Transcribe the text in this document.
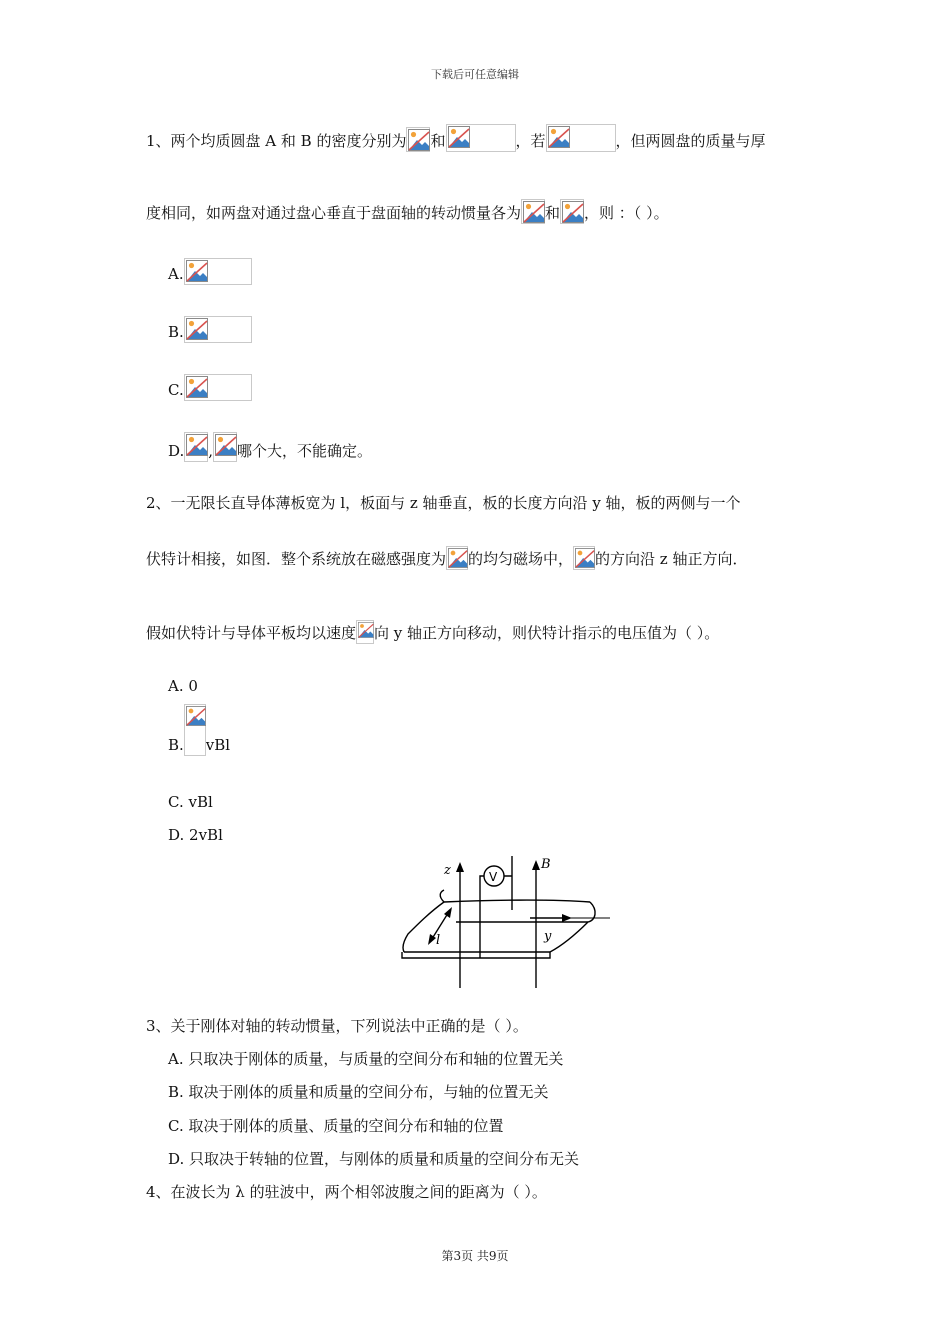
下载后可任意编辑
1、两个均质圆盘 A 和 B 的密度分别为 和	，若	，但两圆盘的质量与厚
度相同，如两盘对通过盘心垂直于盘面轴的转动惯量各为 和 ，则 ：（ ）。
A.
B.
C.
D. , 哪个大，不能确定。
2、一无限长直导体薄板宽为 l，板面与 z 轴垂直，板的长度方向沿 y 轴，板的两侧与一个
伏特计相接，如图．整个系统放在磁感强度为 的均匀磁场中， 的方向沿 z 轴正方向．
假如伏特计与导体平板均以速度 向 y 轴正方向移动，则伏特计指示的电压值为（ ）。
A. 0
B. vBl
C. vBl
D. 2vBl
z	B
l	y
V
3、关于刚体对轴的转动惯量，下列说法中正确的是（ ）。
A. 只取决于刚体的质量，与质量的空间分布和轴的位置无关
B. 取决于刚体的质量和质量的空间分布，与轴的位置无关
C. 取决于刚体的质量、质量的空间分布和轴的位置
D. 只取决于转轴的位置，与刚体的质量和质量的空间分布无关
4、在波长为 λ 的驻波中，两个相邻波腹之间的距离为（ ）。
第3页 共9页
